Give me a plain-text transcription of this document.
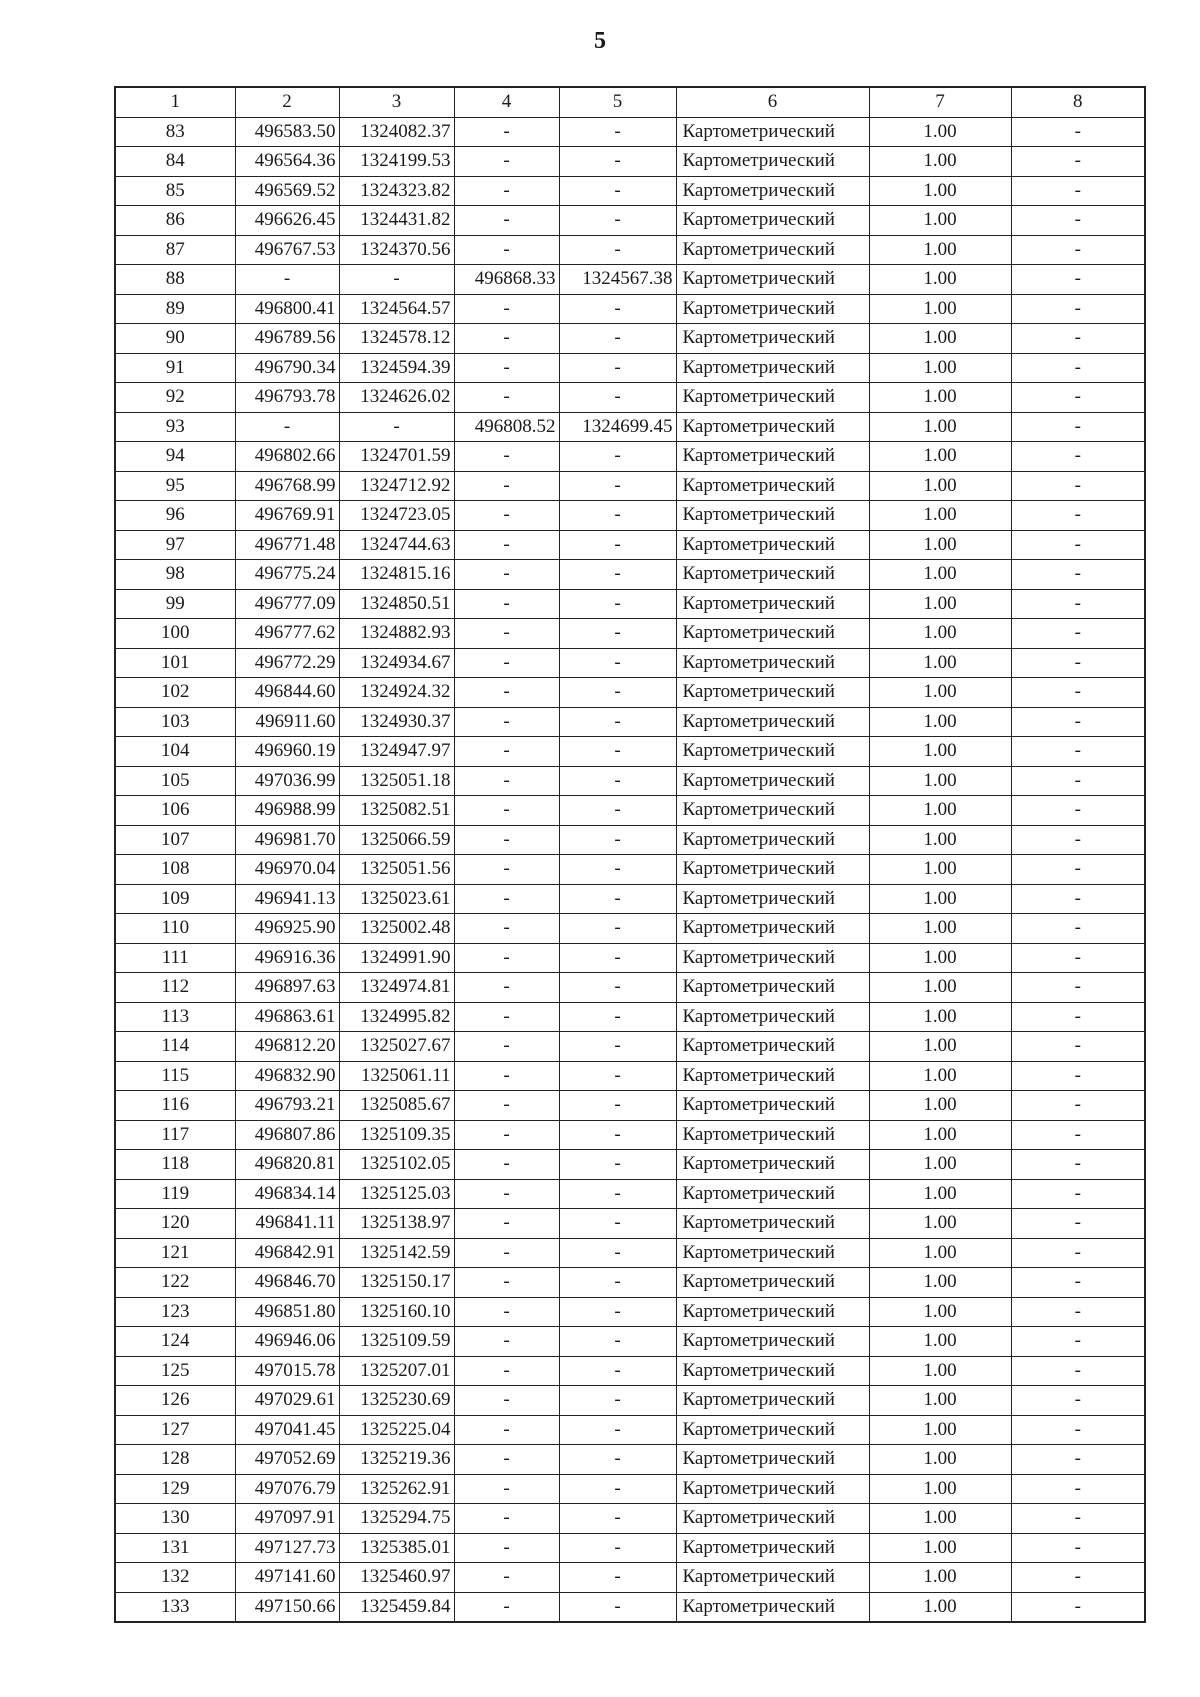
5
1	2	3	4	5	6	7	8
83	496583.50	1324082.37	-	-	Картометрический	1.00	-
84	496564.36	1324199.53	-	-	Картометрический	1.00	-
85	496569.52	1324323.82	-	-	Картометрический	1.00	-
86	496626.45	1324431.82	-	-	Картометрический	1.00	-
87	496767.53	1324370.56	-	-	Картометрический	1.00	-
88	-	-	496868.33	1324567.38	Картометрический	1.00	-
89	496800.41	1324564.57	-	-	Картометрический	1.00	-
90	496789.56	1324578.12	-	-	Картометрический	1.00	-
91	496790.34	1324594.39	-	-	Картометрический	1.00	-
92	496793.78	1324626.02	-	-	Картометрический	1.00	-
93	-	-	496808.52	1324699.45	Картометрический	1.00	-
94	496802.66	1324701.59	-	-	Картометрический	1.00	-
95	496768.99	1324712.92	-	-	Картометрический	1.00	-
96	496769.91	1324723.05	-	-	Картометрический	1.00	-
97	496771.48	1324744.63	-	-	Картометрический	1.00	-
98	496775.24	1324815.16	-	-	Картометрический	1.00	-
99	496777.09	1324850.51	-	-	Картометрический	1.00	-
100	496777.62	1324882.93	-	-	Картометрический	1.00	-
101	496772.29	1324934.67	-	-	Картометрический	1.00	-
102	496844.60	1324924.32	-	-	Картометрический	1.00	-
103	496911.60	1324930.37	-	-	Картометрический	1.00	-
104	496960.19	1324947.97	-	-	Картометрический	1.00	-
105	497036.99	1325051.18	-	-	Картометрический	1.00	-
106	496988.99	1325082.51	-	-	Картометрический	1.00	-
107	496981.70	1325066.59	-	-	Картометрический	1.00	-
108	496970.04	1325051.56	-	-	Картометрический	1.00	-
109	496941.13	1325023.61	-	-	Картометрический	1.00	-
110	496925.90	1325002.48	-	-	Картометрический	1.00	-
111	496916.36	1324991.90	-	-	Картометрический	1.00	-
112	496897.63	1324974.81	-	-	Картометрический	1.00	-
113	496863.61	1324995.82	-	-	Картометрический	1.00	-
114	496812.20	1325027.67	-	-	Картометрический	1.00	-
115	496832.90	1325061.11	-	-	Картометрический	1.00	-
116	496793.21	1325085.67	-	-	Картометрический	1.00	-
117	496807.86	1325109.35	-	-	Картометрический	1.00	-
118	496820.81	1325102.05	-	-	Картометрический	1.00	-
119	496834.14	1325125.03	-	-	Картометрический	1.00	-
120	496841.11	1325138.97	-	-	Картометрический	1.00	-
121	496842.91	1325142.59	-	-	Картометрический	1.00	-
122	496846.70	1325150.17	-	-	Картометрический	1.00	-
123	496851.80	1325160.10	-	-	Картометрический	1.00	-
124	496946.06	1325109.59	-	-	Картометрический	1.00	-
125	497015.78	1325207.01	-	-	Картометрический	1.00	-
126	497029.61	1325230.69	-	-	Картометрический	1.00	-
127	497041.45	1325225.04	-	-	Картометрический	1.00	-
128	497052.69	1325219.36	-	-	Картометрический	1.00	-
129	497076.79	1325262.91	-	-	Картометрический	1.00	-
130	497097.91	1325294.75	-	-	Картометрический	1.00	-
131	497127.73	1325385.01	-	-	Картометрический	1.00	-
132	497141.60	1325460.97	-	-	Картометрический	1.00	-
133	497150.66	1325459.84	-	-	Картометрический	1.00	-
